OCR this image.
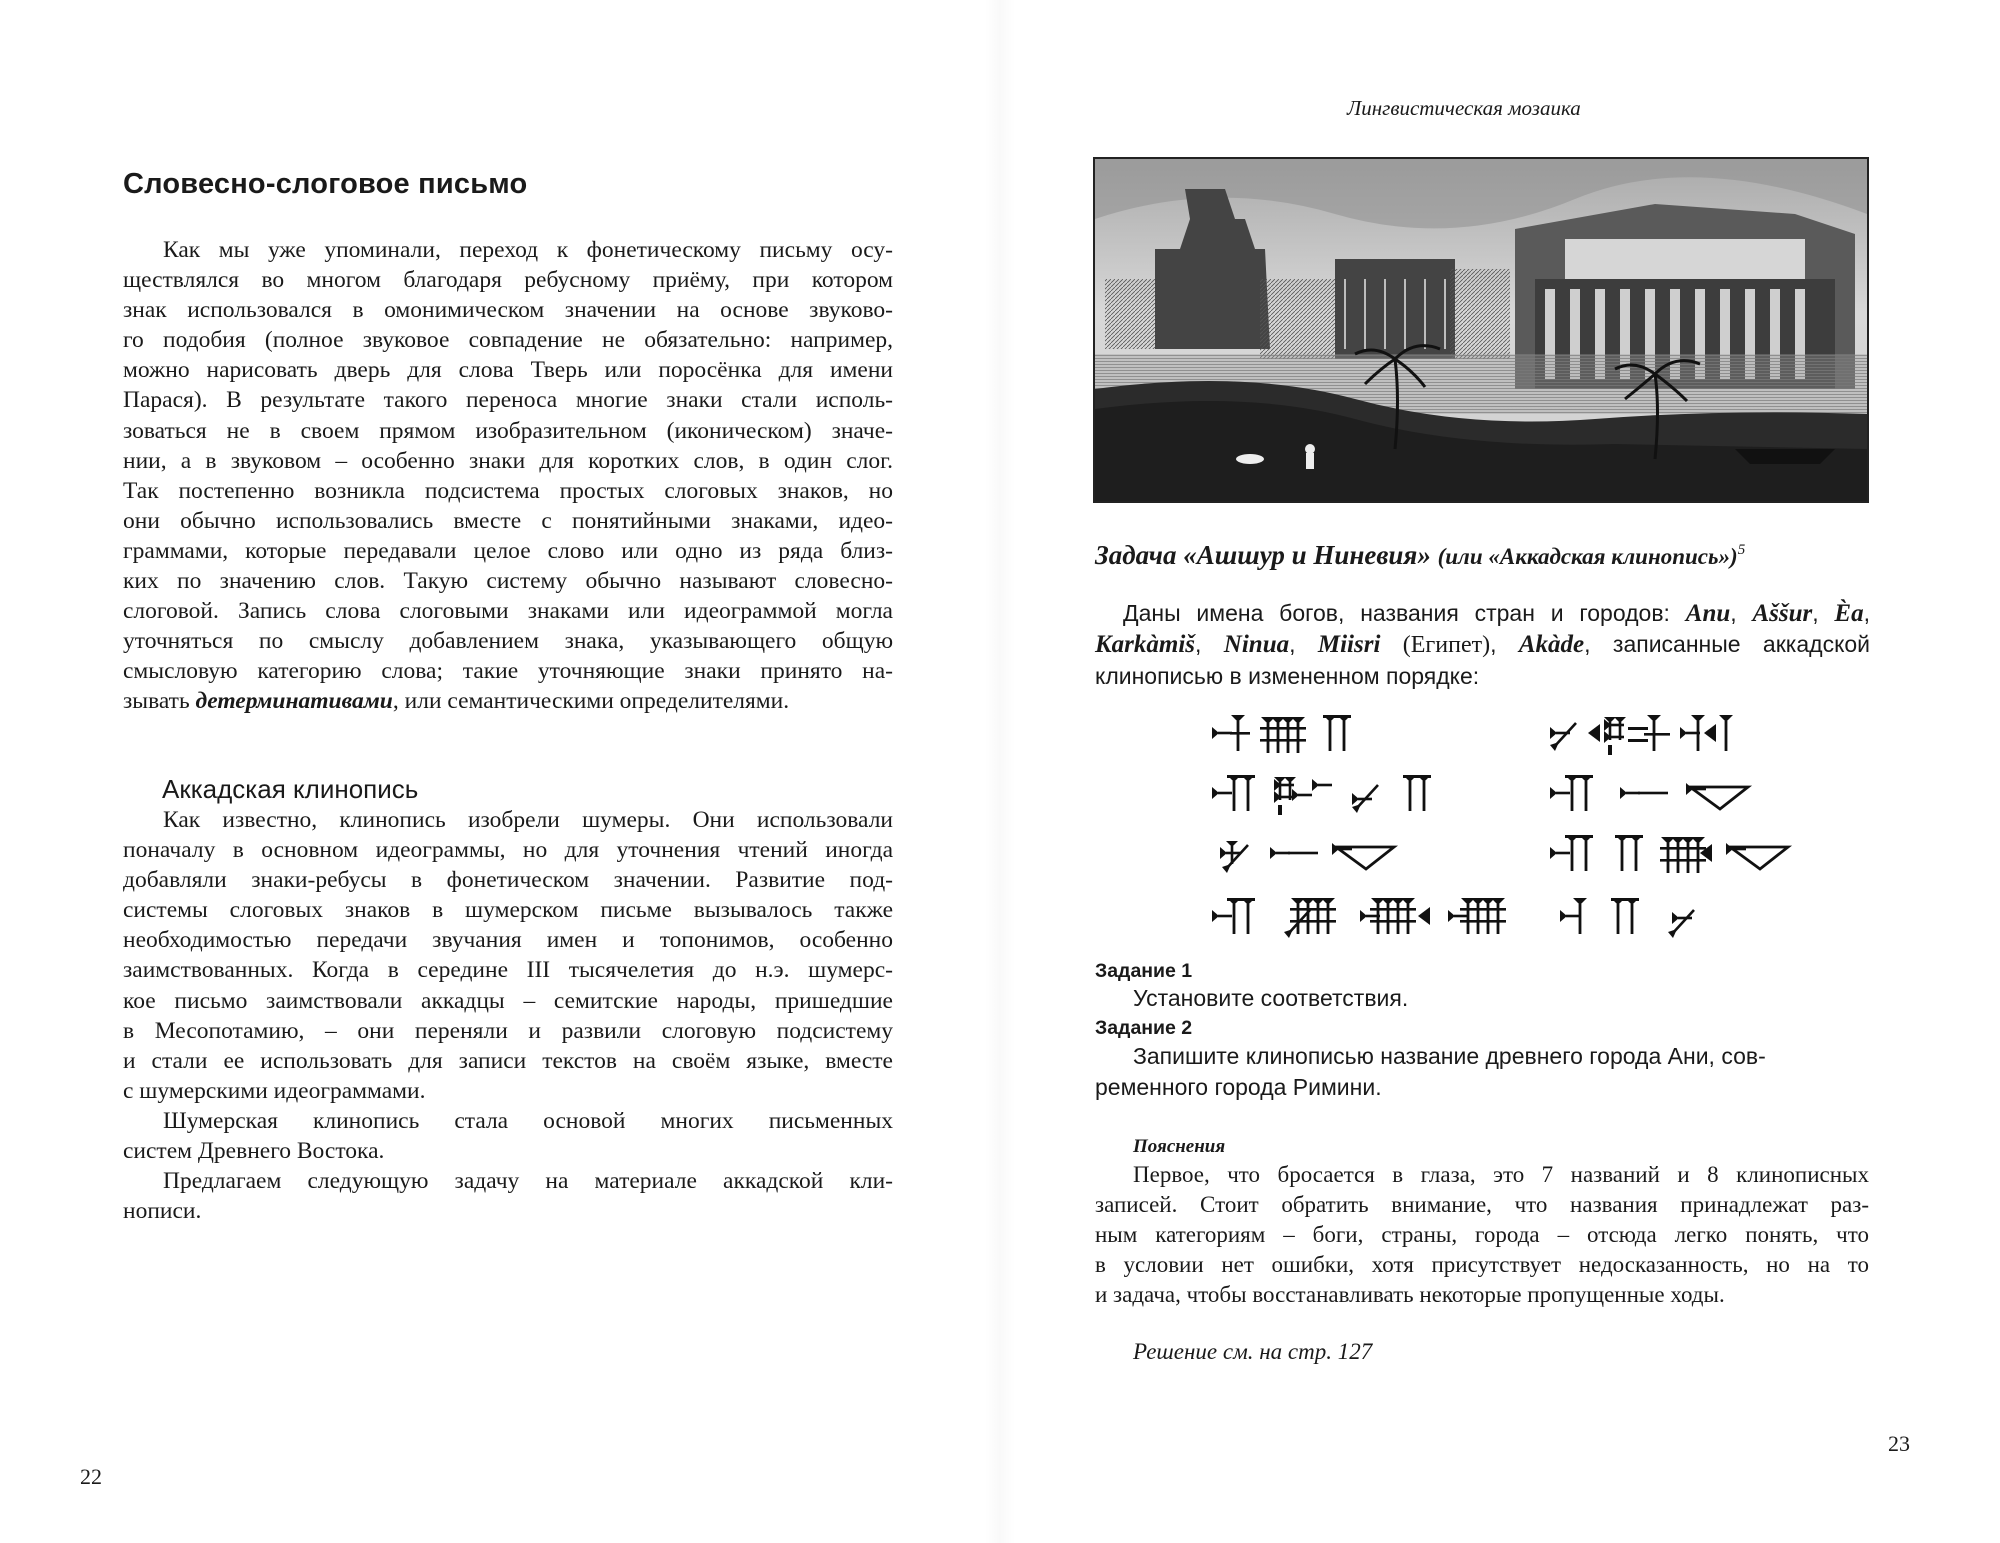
Словесно-слоговое письмо
Как мы уже упоминали, переход к фонетическому письму осу-
ществлялся во многом благодаря ребусному приёму, при котором
знак использовался в омонимическом значении на основе звуково-
го подобия (полное звуковое совпадение не обязательно: например,
можно нарисовать дверь для слова Тверь или поросёнка для имени
Парася). В результате такого переноса многие знаки стали исполь-
зоваться не в своем прямом изобразительном (иконическом) значе-
нии, а в звуковом – особенно знаки для коротких слов, в один слог.
Так постепенно возникла подсистема простых слоговых знаков, но
они обычно использовались вместе с понятийными знаками, идео-
граммами, которые передавали целое слово или одно из ряда близ-
ких по значению слов. Такую систему обычно называют словесно-
слоговой. Запись слова слоговыми знаками или идеограммой могла
уточняться по смыслу добавлением знака, указывающего общую
смысловую категорию слова; такие уточняющие знаки принято на-
зывать детерминативами, или семантическими определителями.
Аккадская клинопись
Как известно, клинопись изобрели шумеры. Они использовали
поначалу в основном идеограммы, но для уточнения чтений иногда
добавляли знаки-ребусы в фонетическом значении. Развитие под-
системы слоговых знаков в шумерском письме вызывалось также
необходимостью передачи звучания имен и топонимов, особенно
заимствованных. Когда в середине III тысячелетия до н.э. шумерс-
кое письмо заимствовали аккадцы – семитские народы, пришедшие
в Месопотамию, – они переняли и развили слоговую подсистему
и стали ее использовать для записи текстов на своём языке, вместе
с шумерскими идеограммами.
Шумерская клинопись стала основой многих письменных
систем Древнего Востока.
Предлагаем следующую задачу на материале аккадской кли-
нописи.
22
Лингвистическая мозаика
Задача «Ашшур и Ниневия» (или «Аккадская клинопись»)$^5$
Даны имена богов, названия стран и городов: Anu, Aššur, Èa,
Karkàmiš, Ninua, Miisri (Египет), Akàde, записанные аккадской
клинописью в измененном порядке:
Задание 1
Установите соответствия.
Задание 2
Запишите клинописью название древнего города Ани, сов-
ременного города Римини.
Пояснения
Первое, что бросается в глаза, это 7 названий и 8 клинописных
записей. Стоит обратить внимание, что названия принадлежат раз-
ным категориям – боги, страны, города – отсюда легко понять, что
в условии нет ошибки, хотя присутствует недосказанность, но на то
и задача, чтобы восстанавливать некоторые пропущенные ходы.
Решение см. на стр. 127
23
